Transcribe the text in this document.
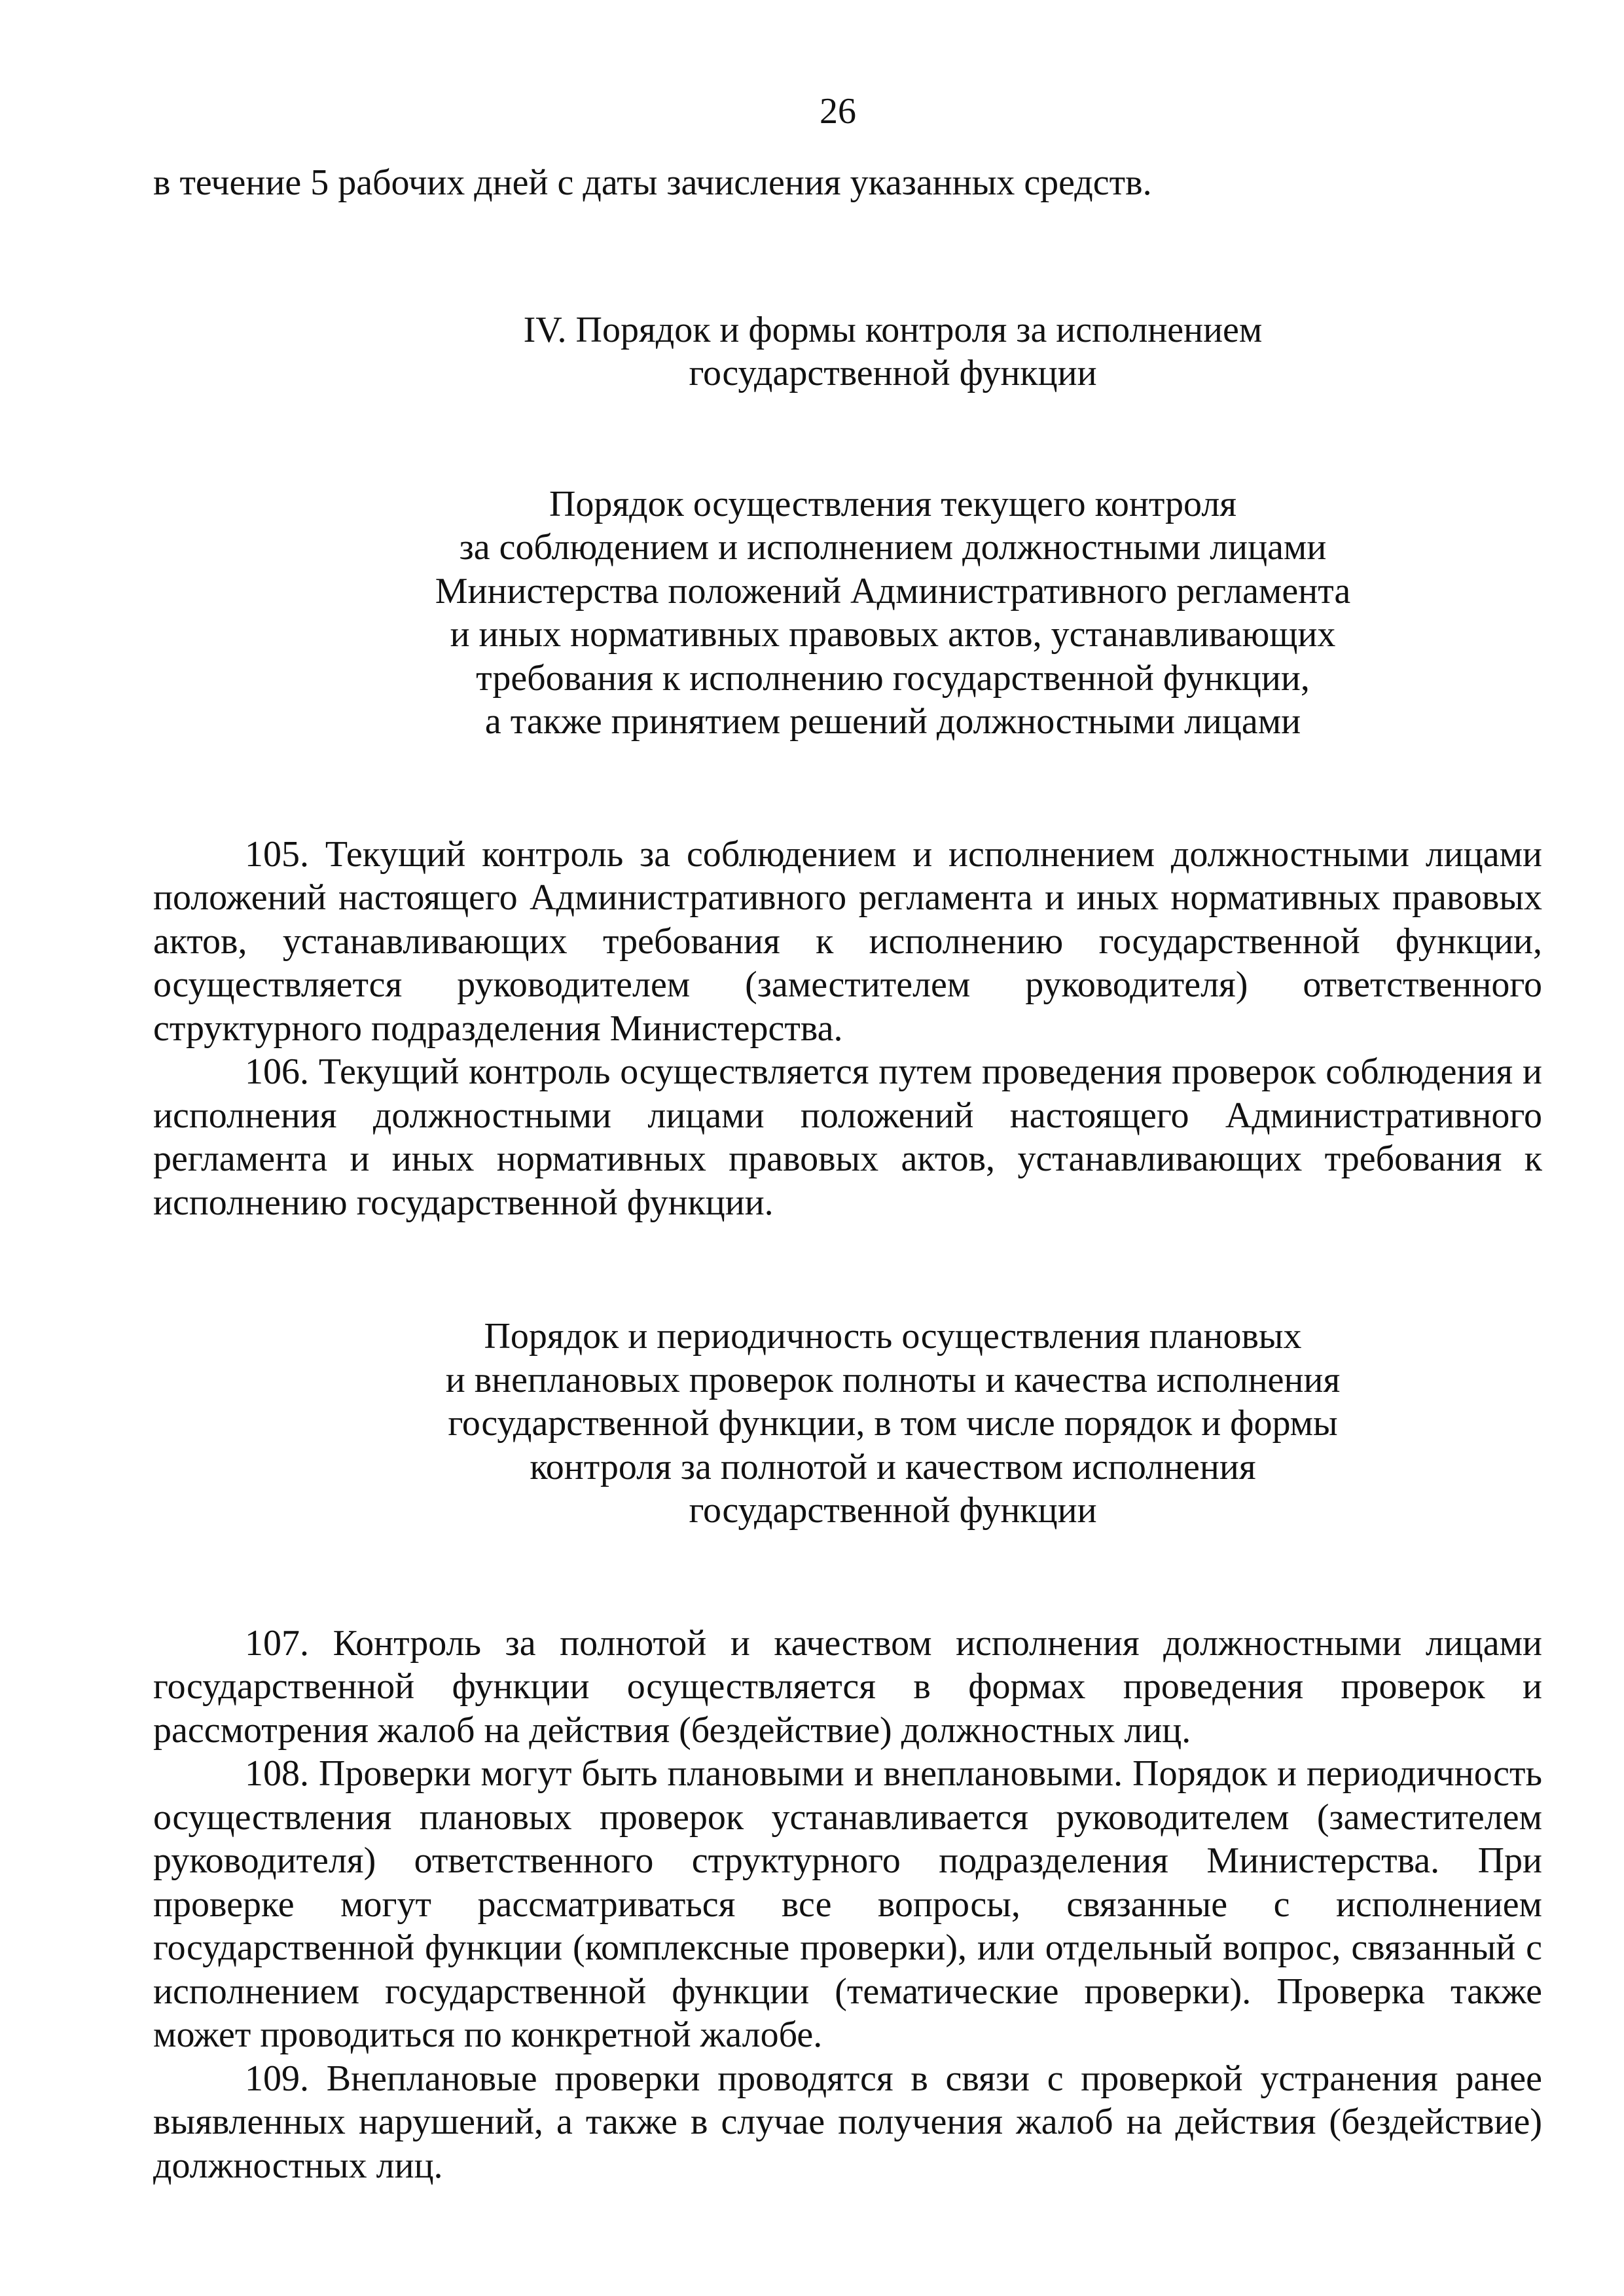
26

в течение 5 рабочих дней с даты зачисления указанных средств.

IV. Порядок и формы контроля за исполнением
государственной функции
Порядок осуществления текущего контроля
за соблюдением и исполнением должностными лицами
Министерства положений Административного регламента
и иных нормативных правовых актов, устанавливающих
требования к исполнению государственной функции,
а также принятием решений должностными лицами

105. Текущий контроль за соблюдением и исполнением должностными лицами положений настоящего Административного регламента и иных нормативных правовых актов, устанавливающих требования к исполнению государственной функции, осуществляется руководителем (заместителем руководителя) ответственного структурного подразделения Министерства.

106. Текущий контроль осуществляется путем проведения проверок соблюдения и исполнения должностными лицами положений настоящего Административного регламента и иных нормативных правовых актов, устанавливающих требования к исполнению государственной функции.

Порядок и периодичность осуществления плановых
и внеплановых проверок полноты и качества исполнения
государственной функции, в том числе порядок и формы
контроля за полнотой и качеством исполнения
государственной функции

107. Контроль за полнотой и качеством исполнения должностными лицами государственной функции осуществляется в формах проведения проверок и рассмотрения жалоб на действия (бездействие) должностных лиц.

108. Проверки могут быть плановыми и внеплановыми. Порядок и периодичность осуществления плановых проверок устанавливается руководителем (заместителем руководителя) ответственного структурного подразделения Министерства. При проверке могут рассматриваться все вопросы, связанные с исполнением государственной функции (комплексные проверки), или отдельный вопрос, связанный с исполнением государственной функции (тематические проверки). Проверка также может проводиться по конкретной жалобе.

109. Внеплановые проверки проводятся в связи с проверкой устранения ранее выявленных нарушений, а также в случае получения жалоб на действия (бездействие) должностных лиц.
